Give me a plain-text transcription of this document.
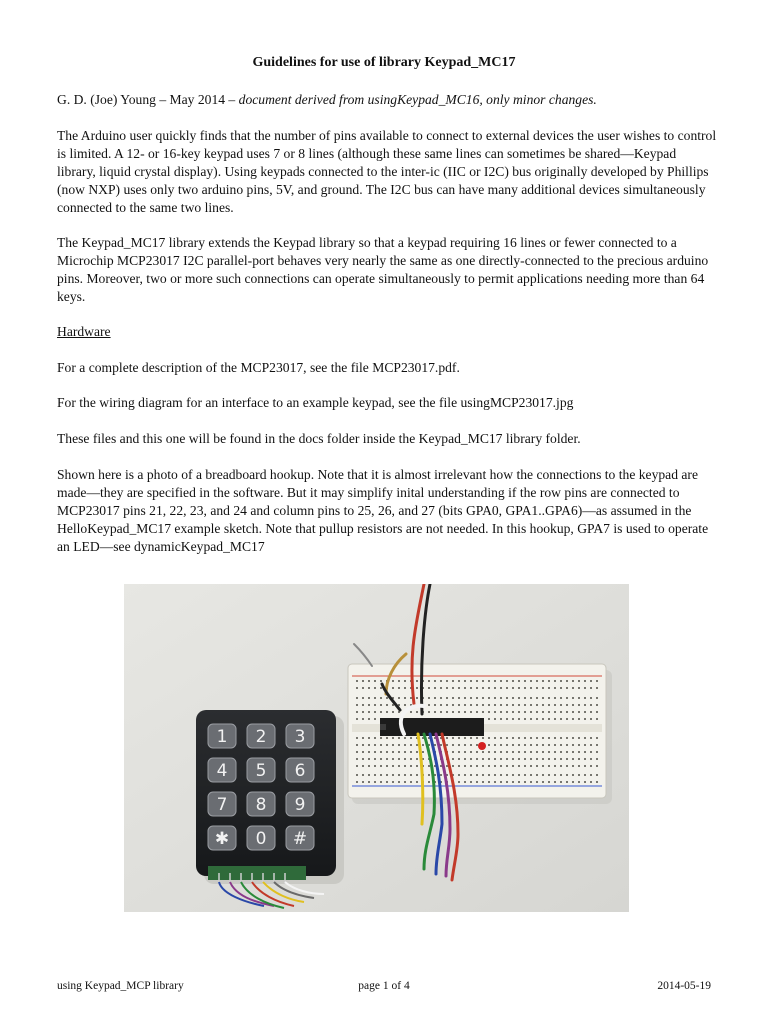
Guidelines for use of library Keypad_MC17
G. D. (Joe) Young – May 2014 – document derived from usingKeypad_MC16, only minor changes.

The Arduino user quickly finds that the number of pins available to connect to external devices the user wishes to control is limited. A 12- or 16-key keypad uses 7 or 8 lines (although these same lines can sometimes be shared—Keypad library, liquid crystal display). Using keypads connected to the inter-ic (IIC or I2C) bus originally developed by Phillips (now NXP) uses only two arduino pins, 5V, and ground. The I2C bus can have many additional devices simultaneously connected to the same two lines.

The Keypad_MC17 library extends the Keypad library so that a keypad requiring 16 lines or fewer connected to a Microchip MCP23017 I2C parallel-port behaves very nearly the same as one directly-connected to the precious arduino pins. Moreover, two or more such connections can operate simultaneously to permit applications needing more than 64 keys.

Hardware
For a complete description of the MCP23017, see the file MCP23017.pdf.
For the wiring diagram for an interface to an example keypad, see the file usingMCP23017.jpg
These files and this one will be found in the docs folder inside the Keypad_MC17 library folder.
Shown here is a photo of a breadboard hookup. Note that it is almost irrelevant how the connections to the keypad are made—they are specified in the software. But it may simplify inital understanding if the row pins are connected to MCP23017 pins 21, 22, 23, and 24 and column pins to 25, 26, and 27 (bits GPA0, GPA1..GPA6)—as assumed in the HelloKeypad_MC17 example sketch. Note that pullup resistors are not needed. In this hookup, GPA7 is used to operate an LED—see dynamicKeypad_MC17
1 2 3
4 5 6
7 8 9
✱ 0 #
using Keypad_MCP library	page 1 of 4	2014-05-19
